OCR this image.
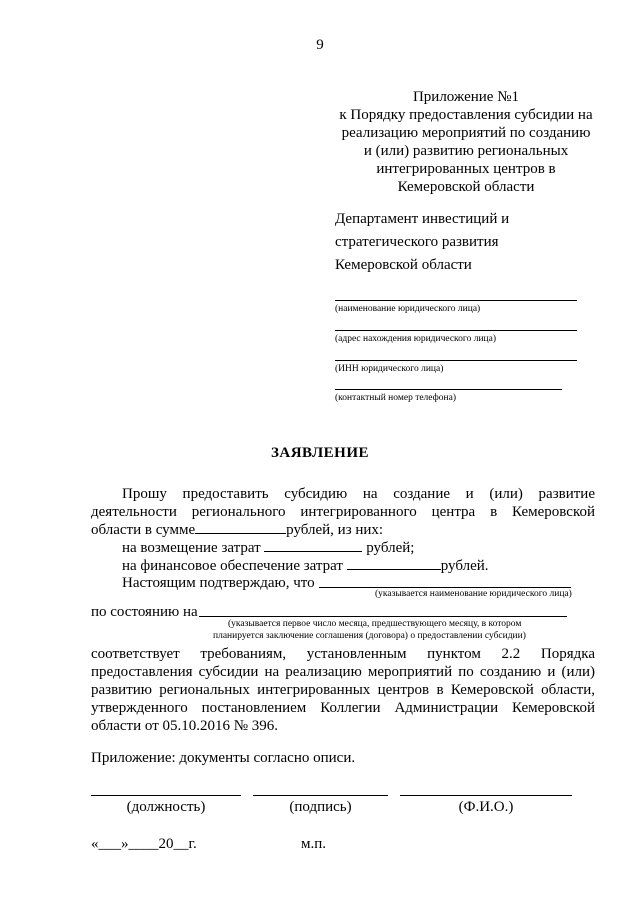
9
Приложение №1
к Порядку предоставления субсидии на
реализацию мероприятий по созданию
и (или) развитию региональных
интегрированных центров в
Кемеровской области
Департамент инвестиций и
стратегического развития
Кемеровской области
(наименование юридического лица)
(адрес нахождения юридического лица)
(ИНН юридического лица)
(контактный номер телефона)
ЗАЯВЛЕНИЕ
Прошу предоставить субсидию на создание и (или) развитие
деятельности регионального интегрированного центра в Кемеровской
области в сумме	рублей, из них:
на возмещение затрат	рублей;
на финансовое обеспечение затрат	рублей.
Настоящим подтверждаю, что
(указывается наименование юридического лица)
по состоянию на
(указывается первое число месяца, предшествующего месяцу, в котором
планируется заключение соглашения (договора) о предоставлении субсидии)
соответствует требованиям, установленным пунктом 2.2 Порядка
предоставления субсидии на реализацию мероприятий по созданию и (или)
развитию региональных интегрированных центров в Кемеровской области,
утвержденного постановлением Коллегии Администрации Кемеровской
области от 05.10.2016 № 396.
Приложение: документы согласно описи.
(должность)	(подпись)	(Ф.И.О.)
«___»____20__г.	м.п.
